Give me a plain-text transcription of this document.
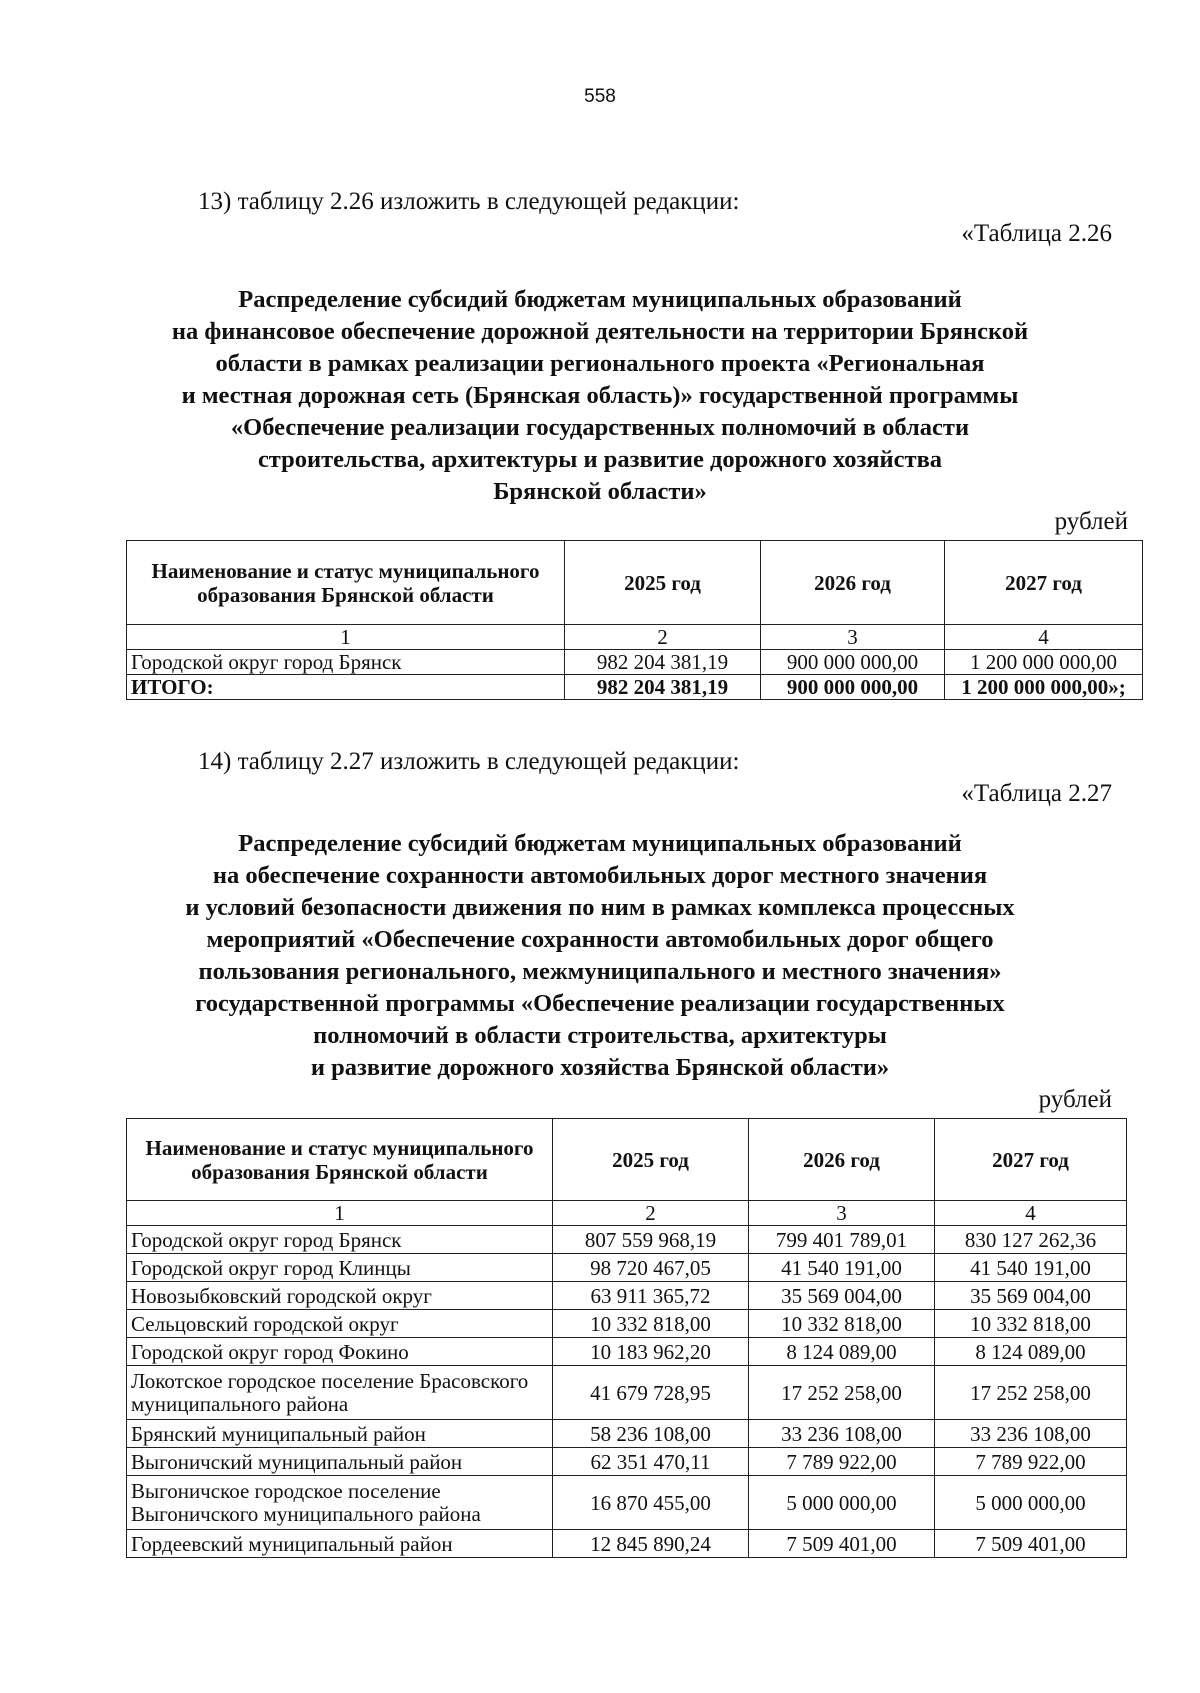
558
13) таблицу 2.26 изложить в следующей редакции:
«Таблица 2.26
Распределение субсидий бюджетам муниципальных образований
на финансовое обеспечение дорожной деятельности на территории Брянской
области в рамках реализации регионального проекта «Региональная
и местная дорожная сеть (Брянская область)» государственной программы
«Обеспечение реализации государственных полномочий в области
строительства, архитектуры и развитие дорожного хозяйства
Брянской области»
рублей
Наименование и статус муниципального образования Брянской области	2025 год	2026 год	2027 год
1	2	3	4
Городской округ город Брянск	982 204 381,19	900 000 000,00	1 200 000 000,00
ИТОГО:	982 204 381,19	900 000 000,00	1 200 000 000,00»;
14) таблицу 2.27 изложить в следующей редакции:
«Таблица 2.27
Распределение субсидий бюджетам муниципальных образований
на обеспечение сохранности автомобильных дорог местного значения
и условий безопасности движения по ним в рамках комплекса процессных
мероприятий «Обеспечение сохранности автомобильных дорог общего
пользования регионального, межмуниципального и местного значения»
государственной программы «Обеспечение реализации государственных
полномочий в области строительства, архитектуры
и развитие дорожного хозяйства Брянской области»
рублей
Наименование и статус муниципального образования Брянской области	2025 год	2026 год	2027 год
1	2	3	4
Городской округ город Брянск	807 559 968,19	799 401 789,01	830 127 262,36
Городской округ город Клинцы	98 720 467,05	41 540 191,00	41 540 191,00
Новозыбковский городской округ	63 911 365,72	35 569 004,00	35 569 004,00
Сельцовский городской округ	10 332 818,00	10 332 818,00	10 332 818,00
Городской округ город Фокино	10 183 962,20	8 124 089,00	8 124 089,00
Локотское городское поселение Брасовского муниципального района	41 679 728,95	17 252 258,00	17 252 258,00
Брянский муниципальный район	58 236 108,00	33 236 108,00	33 236 108,00
Выгоничский муниципальный район	62 351 470,11	7 789 922,00	7 789 922,00
Выгоничское городское поселение Выгоничского муниципального района	16 870 455,00	5 000 000,00	5 000 000,00
Гордеевский муниципальный район	12 845 890,24	7 509 401,00	7 509 401,00
